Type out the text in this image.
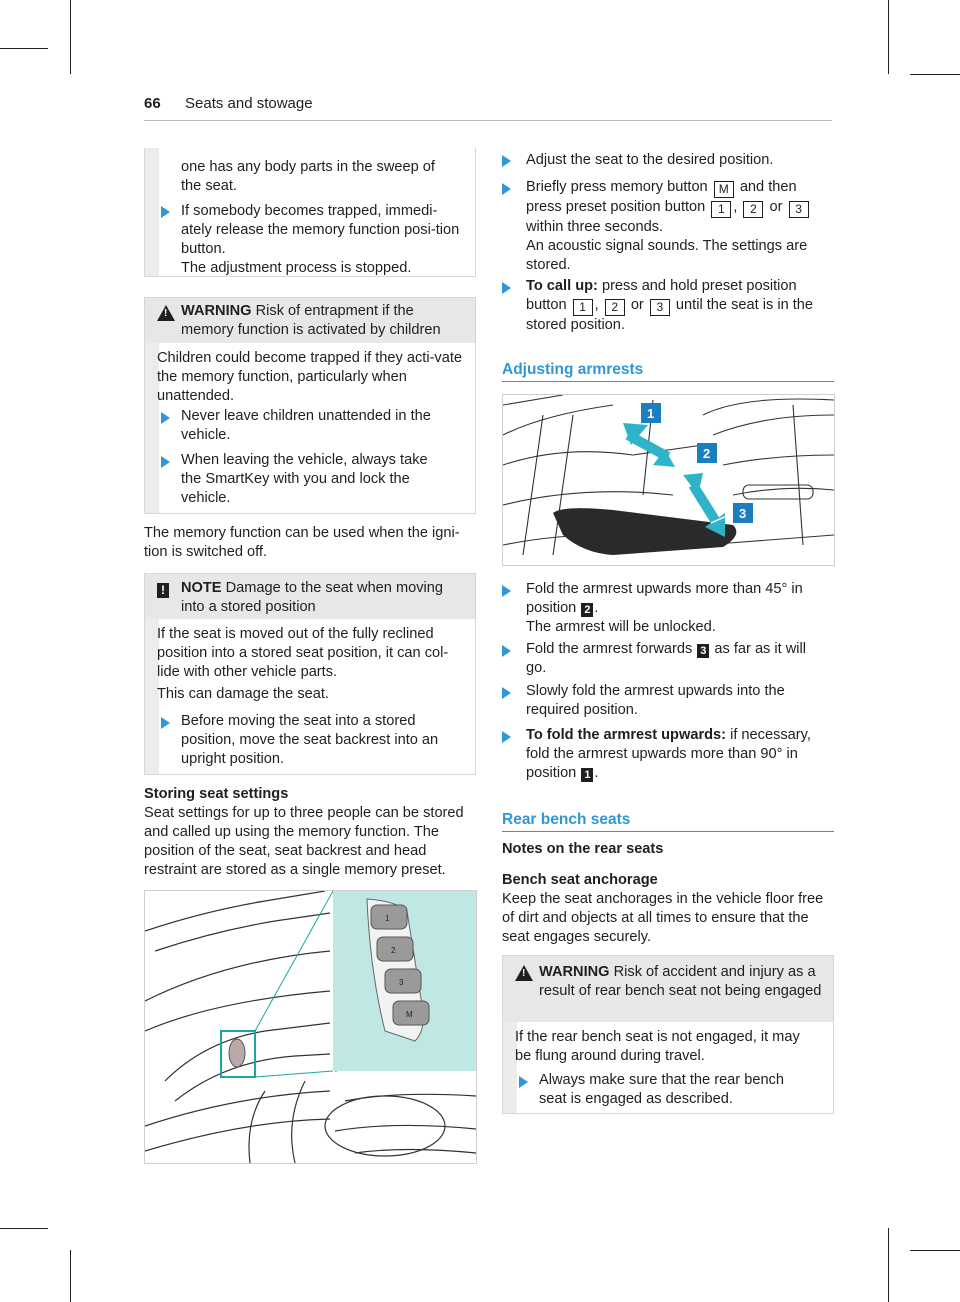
66 Seats and stowage
one has any body parts in the sweep of the seat.
If somebody becomes trapped, immedi-ately release the memory function posi-tion button.
The adjustment process is stopped.
! WARNING Risk of entrapment if the memory function is activated by children
Children could become trapped if they acti-vate the memory function, particularly when unattended.
Never leave children unattended in the vehicle.
When leaving the vehicle, always take the SmartKey with you and lock the vehicle.
The memory function can be used when the igni-tion is switched off.
! NOTE Damage to the seat when moving into a stored position
If the seat is moved out of the fully reclined position into a stored seat position, it can col-lide with other vehicle parts.
This can damage the seat.
Before moving the seat into a stored position, move the seat backrest into an upright position.
Storing seat settings
Seat settings for up to three people can be stored and called up using the memory function. The position of the seat, seat backrest and head restraint are stored as a single memory preset.
1
2
3
M
Adjust the seat to the desired position.
Briefly press memory button M and then press preset position button 1 , 2 or 3 within three seconds.
An acoustic signal sounds. The settings are stored.
To call up: press and hold preset position button 1 , 2 or 3 until the seat is in the stored position.
Adjusting armrests
1
2
3
Fold the armrest upwards more than 45° in position 2 .
The armrest will be unlocked.
Fold the armrest forwards 3 as far as it will go.
Slowly fold the armrest upwards into the required position.
To fold the armrest upwards: if necessary, fold the armrest upwards more than 90° in position 1 .
Rear bench seats
Notes on the rear seats
Bench seat anchorage
Keep the seat anchorages in the vehicle floor free of dirt and objects at all times to ensure that the seat engages securely.
! WARNING Risk of accident and injury as a result of rear bench seat not being engaged
If the rear bench seat is not engaged, it may be flung around during travel.
Always make sure that the rear bench seat is engaged as described.
